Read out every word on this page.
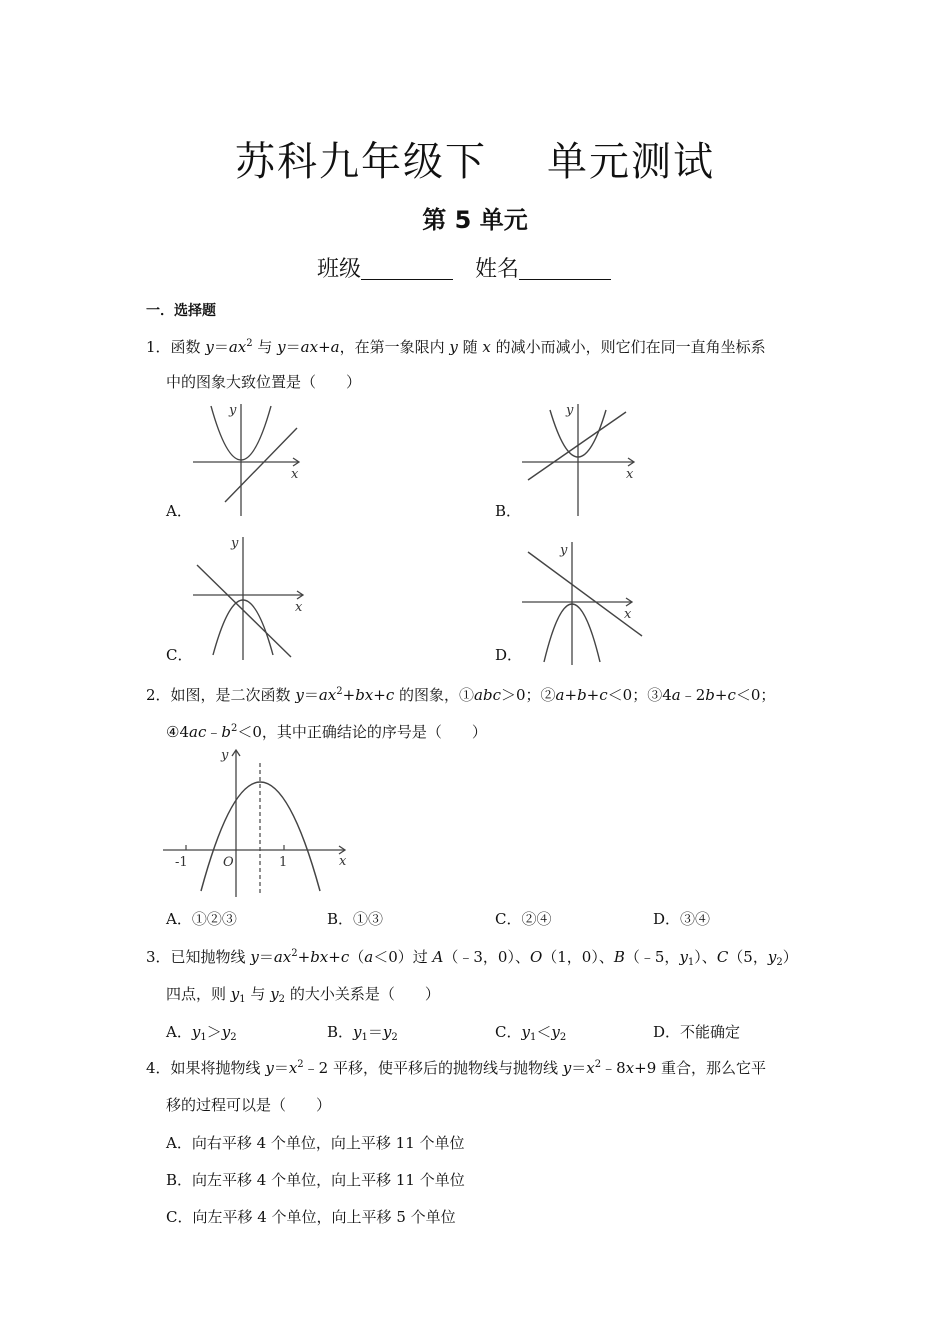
苏科九年级下 单元测试
第 5 单元
班级	姓名
一．选择题
1．函数 $y=ax^2$ 与 y＝ax+a，在第一象限内 y 随 x 的减小而减小，则它们在同一直角坐标系
中的图象大致位置是（　　）
y
x
A．
y
x
B．
y
x
C．
y
x
D．
2．如图，是二次函数 $y=ax^2+bx+c$ 的图象，①abc＞0；②a+b+c＜0；③4a﹣2b+c＜0；
$④4ac﹣b^2<0$，其中正确结论的序号是（　　）
-1	O	1	x
y
A．①②③	B．①③	C．②④	D．③④
3．已知抛物线 $y=ax^2+bx+c(a<0)$过 A（﹣3，0）、O（1，0）、B（﹣5，$y_1$）、C（5，$y_2$）
四点，则 $y_1$ 与 $y_2$ 的大小关系是（　　）
A．$y_1>y_2$	B．$y_1=y_2$	C．$y_1<y_2$	D．不能确定
4．如果将抛物线 $y=x^2﹣2$ 平移，使平移后的抛物线与抛物线 $y=x^2﹣8x+9$ 重合，那么它平
移的过程可以是（　　）
A．向右平移 4 个单位，向上平移 11 个单位
B．向左平移 4 个单位，向上平移 11 个单位
C．向左平移 4 个单位，向上平移 5 个单位
